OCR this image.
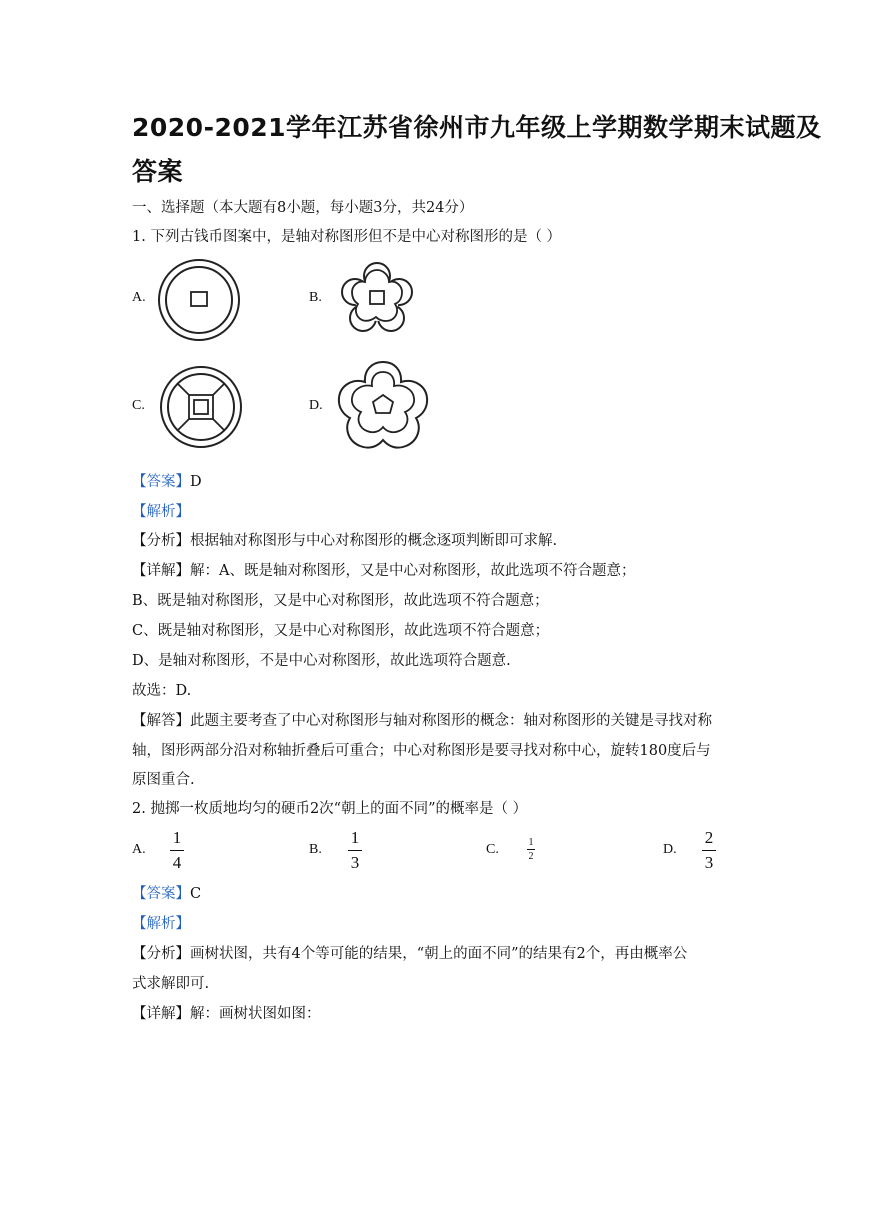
2020-2021学年江苏省徐州市九年级上学期数学期末试题及
答案
一、选择题（本大题有8小题，每小题3分，共24分）
1. 下列古钱币图案中，是轴对称图形但不是中心对称图形的是（ ）
A.	B.
C.	D.
【答案】D
【解析】
【分析】根据轴对称图形与中心对称图形的概念逐项判断即可求解.
【详解】解：A、既是轴对称图形，又是中心对称图形，故此选项不符合题意；
B、既是轴对称图形，又是中心对称图形，故此选项不符合题意；
C、既是轴对称图形，又是中心对称图形，故此选项不符合题意；
D、是轴对称图形，不是中心对称图形，故此选项符合题意.
故选：D.
【解答】此题主要考查了中心对称图形与轴对称图形的概念：轴对称图形的关键是寻找对称
轴，图形两部分沿对称轴折叠后可重合；中心对称图形是要寻找对称中心，旋转180度后与
原图重合.
2. 抛掷一枚质地均匀的硬币2次“朝上的面不同”的概率是（ ）
A.
1
4
B.
1
3
C.	1
2	D.
2
3
【答案】C
【解析】
【分析】画树状图，共有4个等可能的结果，“朝上的面不同”的结果有2个，再由概率公
式求解即可.
【详解】解：画树状图如图：
